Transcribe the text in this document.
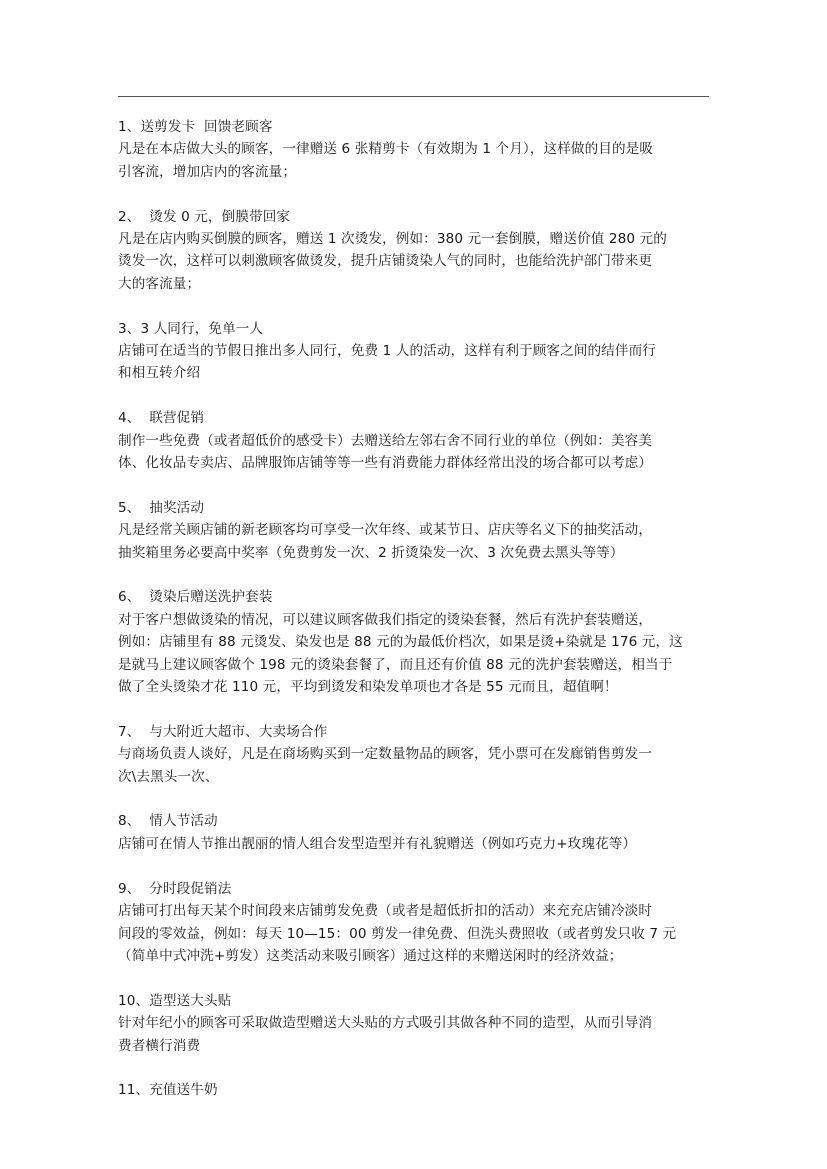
1、送剪发卡  回馈老顾客
凡是在本店做大头的顾客，一律赠送 6 张精剪卡（有效期为 1 个月），这样做的目的是吸
引客流，增加店内的客流量；
2、  烫发 0 元，倒膜带回家
凡是在店内购买倒膜的顾客，赠送 1 次烫发，例如：380 元一套倒膜，赠送价值 280 元的
烫发一次，这样可以刺激顾客做烫发，提升店铺烫染人气的同时，也能给洗护部门带来更
大的客流量；
3、3 人同行，免单一人
店铺可在适当的节假日推出多人同行，免费 1 人的活动，这样有利于顾客之间的结伴而行
和相互转介绍
4、  联营促销
制作一些免费（或者超低价的感受卡）去赠送给左邻右舍不同行业的单位（例如：美容美
体、化妆品专卖店、品牌服饰店铺等等一些有消费能力群体经常出没的场合都可以考虑）
5、  抽奖活动
凡是经常关顾店铺的新老顾客均可享受一次年终、或某节日、店庆等名义下的抽奖活动，
抽奖箱里务必要高中奖率（免费剪发一次、2 折烫染发一次、3 次免费去黑头等等）
6、  烫染后赠送洗护套装
对于客户想做烫染的情况，可以建议顾客做我们指定的烫染套餐，然后有洗护套装赠送，
例如：店铺里有 88 元烫发、染发也是 88 元的为最低价档次，如果是烫+染就是 176 元，这
是就马上建议顾客做个 198 元的烫染套餐了，而且还有价值 88 元的洗护套装赠送，相当于
做了全头烫染才花 110 元，平均到烫发和染发单项也才各是 55 元而且，超值啊！
7、  与大附近大超市、大卖场合作
与商场负责人谈好，凡是在商场购买到一定数量物品的顾客，凭小票可在发廊销售剪发一
次\去黑头一次、
8、  情人节活动
店铺可在情人节推出靓丽的情人组合发型造型并有礼貌赠送（例如巧克力+玫瑰花等）
9、  分时段促销法
店铺可打出每天某个时间段来店铺剪发免费（或者是超低折扣的活动）来充充店铺冷淡时
间段的零效益，例如：每天 10—15：00 剪发一律免费、但洗头费照收（或者剪发只收 7 元
（简单中式冲洗+剪发）这类活动来吸引顾客）通过这样的来赠送闲时的经济效益；
10、造型送大头贴
针对年纪小的顾客可采取做造型赠送大头贴的方式吸引其做各种不同的造型，从而引导消
费者横行消费
11、充值送牛奶
